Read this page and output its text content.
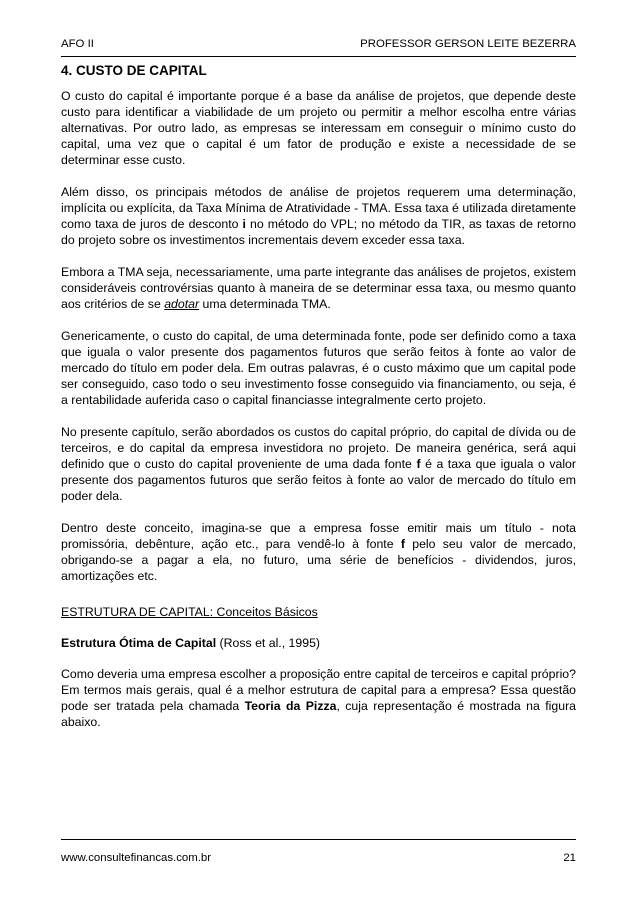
AFO II	PROFESSOR GERSON LEITE BEZERRA
4. CUSTO DE CAPITAL

O custo do capital é importante porque é a base da análise de projetos, que depende deste custo para identificar a viabilidade de um projeto ou permitir a melhor escolha entre várias alternativas. Por outro lado, as empresas se interessam em conseguir o mínimo custo do capital, uma vez que o capital é um fator de produção e existe a necessidade de se determinar esse custo.

Além disso, os principais métodos de análise de projetos requerem uma determinação, implícita ou explícita, da Taxa Mínima de Atratividade - TMA. Essa taxa é utilizada diretamente como taxa de juros de desconto i no método do VPL; no método da TIR, as taxas de retorno do projeto sobre os investimentos incrementais devem exceder essa taxa.

Embora a TMA seja, necessariamente, uma parte integrante das análises de projetos, existem consideráveis controvérsias quanto à maneira de se determinar essa taxa, ou mesmo quanto aos critérios de se adotar uma determinada TMA.

Genericamente, o custo do capital, de uma determinada fonte, pode ser definido como a taxa que iguala o valor presente dos pagamentos futuros que serão feitos à fonte ao valor de mercado do título em poder dela. Em outras palavras, é o custo máximo que um capital pode ser conseguido, caso todo o seu investimento fosse conseguido via financiamento, ou seja, é a rentabilidade auferida caso o capital financiasse integralmente certo projeto.

No presente capítulo, serão abordados os custos do capital próprio, do capital de dívida ou de terceiros, e do capital da empresa investidora no projeto. De maneira genérica, será aqui definido que o custo do capital proveniente de uma dada fonte f é a taxa que iguala o valor presente dos pagamentos futuros que serão feitos à fonte ao valor de mercado do título em poder dela.

Dentro deste conceito, imagina-se que a empresa fosse emitir mais um título - nota promissória, debênture, ação etc., para vendê-lo à fonte f pelo seu valor de mercado, obrigando-se a pagar a ela, no futuro, uma série de benefícios - dividendos, juros, amortizações etc.

ESTRUTURA DE CAPITAL: Conceitos Básicos
Estrutura Ótima de Capital (Ross et al., 1995)

Como deveria uma empresa escolher a proposição entre capital de terceiros e capital próprio? Em termos mais gerais, qual é a melhor estrutura de capital para a empresa? Essa questão pode ser tratada pela chamada Teoria da Pizza, cuja representação é mostrada na figura abaixo.

www.consultefinancas.com.br	21
